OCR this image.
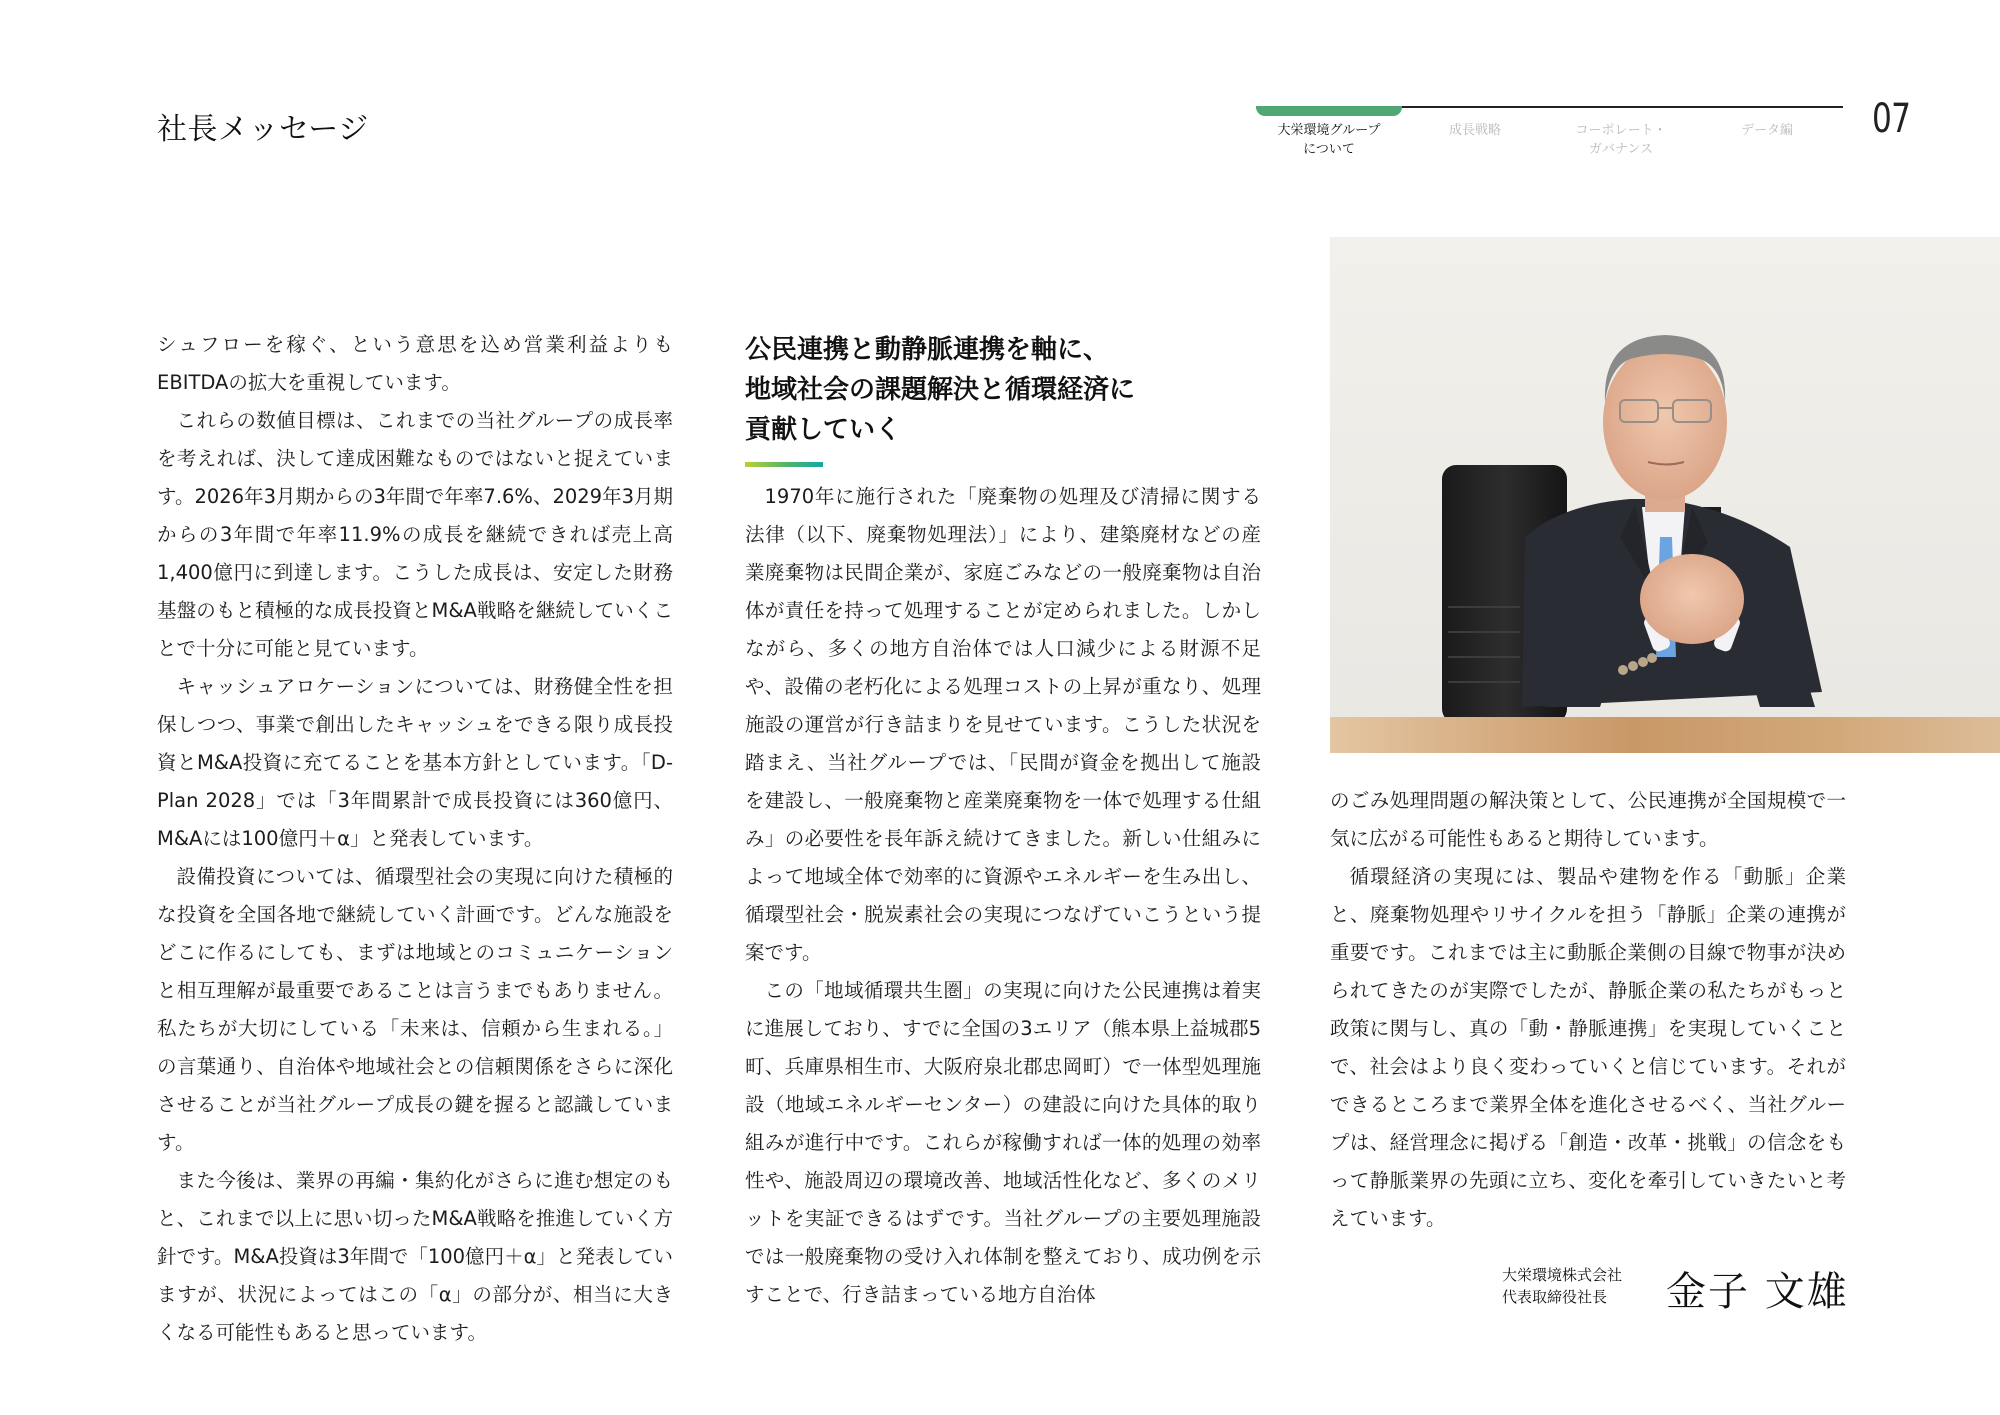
社長メッセージ	大栄環境グループ
について
成長戦略	コーポレート・
ガバナンス
データ編	07

シュフローを稼ぐ、という意思を込め営業利益よりもEBITDAの拡大を重視しています。

これらの数値目標は、これまでの当社グループの成長率を考えれば、決して達成困難なものではないと捉えています。2026年3月期からの3年間で年率7.6%、2029年3月期からの3年間で年率11.9%の成長を継続できれば売上高1,400億円に到達します。こうした成長は、安定した財務基盤のもと積極的な成長投資とM&A戦略を継続していくことで十分に可能と見ています。

キャッシュアロケーションについては、財務健全性を担保しつつ、事業で創出したキャッシュをできる限り成長投資とM&A投資に充てることを基本方針としています。「D-Plan 2028」では「3年間累計で成長投資には360億円、M&Aには100億円＋α」と発表しています。

設備投資については、循環型社会の実現に向けた積極的な投資を全国各地で継続していく計画です。どんな施設をどこに作るにしても、まずは地域とのコミュニケーションと相互理解が最重要であることは言うまでもありません。私たちが大切にしている「未来は、信頼から生まれる。」の言葉通り、自治体や地域社会との信頼関係をさらに深化させることが当社グループ成長の鍵を握ると認識しています。

また今後は、業界の再編・集約化がさらに進む想定のもと、これまで以上に思い切ったM&A戦略を推進していく方針です。M&A投資は3年間で「100億円＋α」と発表していますが、状況によってはこの「α」の部分が、相当に大きくなる可能性もあると思っています。

公民連携と動静脈連携を軸に、
地域社会の課題解決と循環経済に
貢献していく

1970年に施行された「廃棄物の処理及び清掃に関する法律（以下、廃棄物処理法）」により、建築廃材などの産業廃棄物は民間企業が、家庭ごみなどの一般廃棄物は自治体が責任を持って処理することが定められました。しかしながら、多くの地方自治体では人口減少による財源不足や、設備の老朽化による処理コストの上昇が重なり、処理施設の運営が行き詰まりを見せています。こうした状況を踏まえ、当社グループでは、「民間が資金を拠出して施設を建設し、一般廃棄物と産業廃棄物を一体で処理する仕組み」の必要性を長年訴え続けてきました。新しい仕組みによって地域全体で効率的に資源やエネルギーを生み出し、循環型社会・脱炭素社会の実現につなげていこうという提案です。

この「地域循環共生圏」の実現に向けた公民連携は着実に進展しており、すでに全国の3エリア（熊本県上益城郡5町、兵庫県相生市、大阪府泉北郡忠岡町）で一体型処理施設（地域エネルギーセンター）の建設に向けた具体的取り組みが進行中です。これらが稼働すれば一体的処理の効率性や、施設周辺の環境改善、地域活性化など、多くのメリットを実証できるはずです。当社グループの主要処理施設では一般廃棄物の受け入れ体制を整えており、成功例を示すことで、行き詰まっている地方自治体

のごみ処理問題の解決策として、公民連携が全国規模で一気に広がる可能性もあると期待しています。

循環経済の実現には、製品や建物を作る「動脈」企業と、廃棄物処理やリサイクルを担う「静脈」企業の連携が重要です。これまでは主に動脈企業側の目線で物事が決められてきたのが実際でしたが、静脈企業の私たちがもっと政策に関与し、真の「動・静脈連携」を実現していくことで、社会はより良く変わっていくと信じています。それができるところまで業界全体を進化させるべく、当社グループは、経営理念に掲げる「創造・改革・挑戦」の信念をもって静脈業界の先頭に立ち、変化を牽引していきたいと考えています。

大栄環境株式会社
代表取締役社長	金子 文雄
